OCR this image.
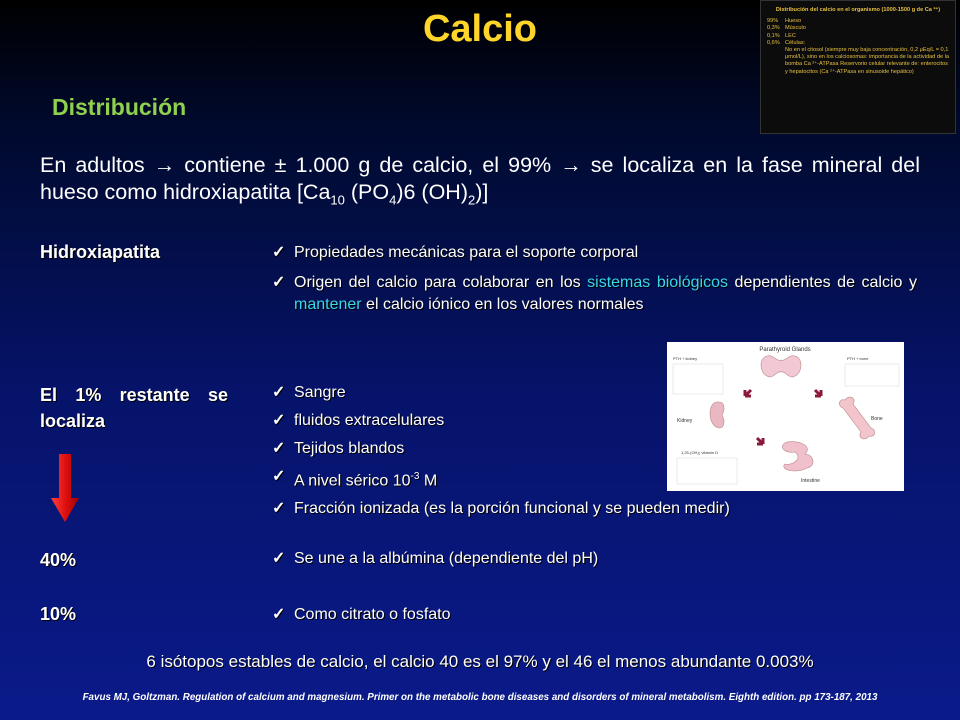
Calcio	Distribución del calcio en el organismo (1000-1500 g de Ca ²⁺)
99%	Hueso
0,3% Músculo
0,1% LEC
0,6% Células:
No en el citosol (siempre muy baja concentración, 0,2 μEq/L = 0,1 μmol/L), sino en los calciosomas: importancia de la actividad de la bomba Ca ²⁺-ATPasa Reservorio celular relevante de: enterocitos y hepatocitos (Ca ²⁺-ATPasa en sinusoide hepático)
Distribución
En adultos → contiene ± 1.000 g de calcio, el 99% → se localiza en la fase mineral del hueso como hidroxiapatita [$Ca_{10}$ $(PO_4)6$ $(OH)_2$)]
Hidroxiapatita	✓ Propiedades mecánicas para el soporte corporal
✓ Origen del calcio para colaborar en los sistemas biológicos dependientes de calcio y mantener el calcio iónico en los valores normales
El 1% restante se localiza
✓ Sangre
✓ fluidos extracelulares
✓ Tejidos blandos
✓ A nivel sérico $10^{-3}$ M
✓ Fracción ionizada (es la porción funcional y se pueden medir)
Parathyroid Glands
PTH + kidney	PTH + bone
Kidney	Bone
Intestine
1,25-(OH)₂ vitamin D
40%	✓ Se une a la albúmina (dependiente del pH)
10%	✓ Como citrato o fosfato
6 isótopos estables de calcio, el calcio 40 es el 97% y el 46 el menos abundante 0.003%
Favus MJ, Goltzman. Regulation of calcium and magnesium. Primer on the metabolic bone diseases and disorders of mineral metabolism. Eighth edition. pp 173-187, 2013
